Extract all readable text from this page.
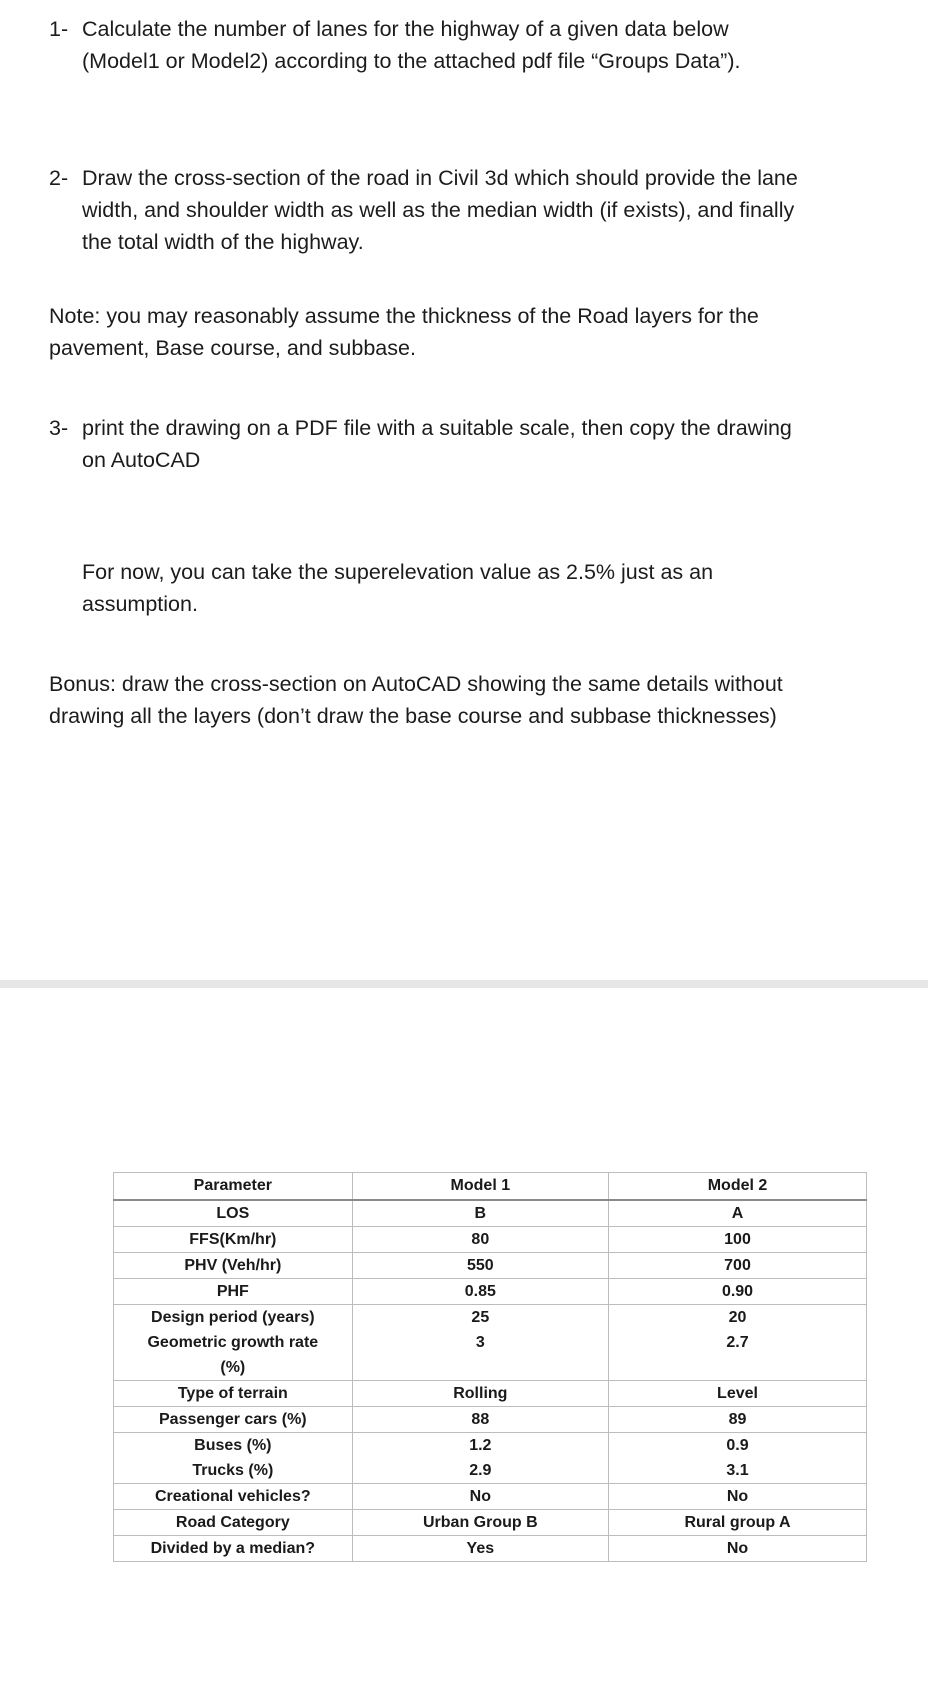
1- Calculate the number of lanes for the highway of a given data below
(Model1 or Model2) according to the attached pdf file “Groups Data”).
2- Draw the cross-section of the road in Civil 3d which should provide the lane
width, and shoulder width as well as the median width (if exists), and finally
the total width of the highway.
Note: you may reasonably assume the thickness of the Road layers for the
pavement, Base course, and subbase.
3- print the drawing on a PDF file with a suitable scale, then copy the drawing
on AutoCAD
For now, you can take the superelevation value as 2.5% just as an
assumption.
Bonus: draw the cross-section on AutoCAD showing the same details without
drawing all the layers (don’t draw the base course and subbase thicknesses)
Parameter	Model 1	Model 2
LOS	B	A
FFS(Km/hr)	80	100
PHV (Veh/hr)	550	700
PHF	0.85	0.90
Design period (years)	25	20

Geometric growth rate
(%)	3	2.7
Type of terrain	Rolling	Level
Passenger cars (%)	88	89
Buses (%)	1.2	0.9
Trucks (%)	2.9	3.1
Creational vehicles?	No	No
Road Category	Urban Group B	Rural group A
Divided by a median?	Yes	No
